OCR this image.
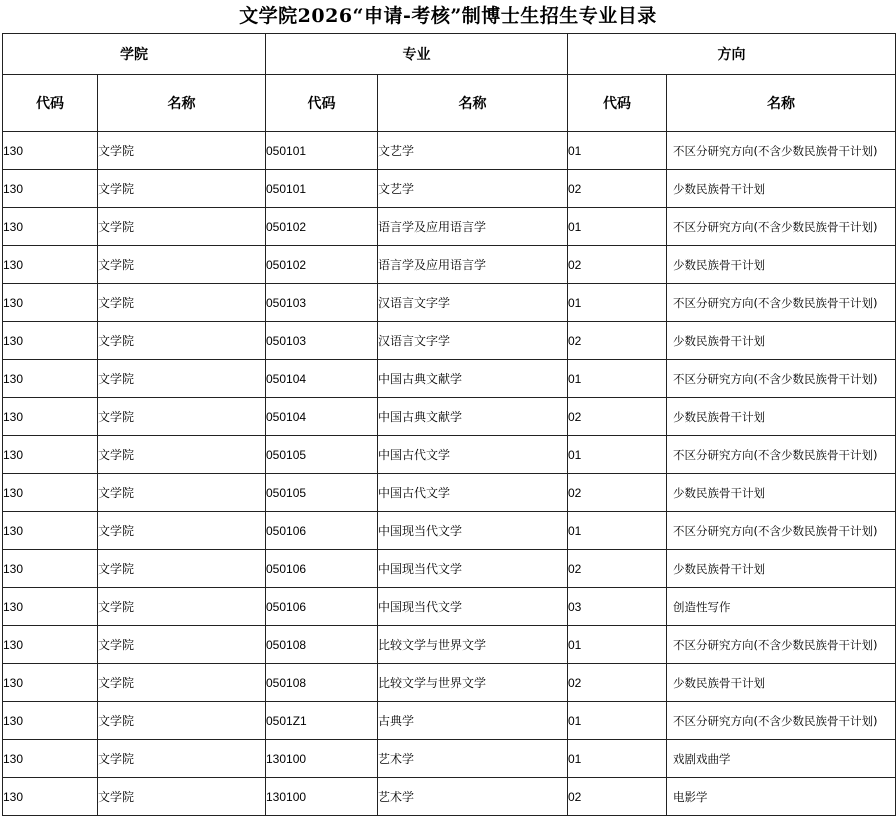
文学院2026“申请-考核”制博士生招生专业目录
学院		专业		方向	
代码	名称	代码	名称	代码	名称
130	文学院	050101	文艺学	01	不区分研究方向(不含少数民族骨干计划)
130	文学院	050101	文艺学	02	少数民族骨干计划
130	文学院	050102	语言学及应用语言学	01	不区分研究方向(不含少数民族骨干计划)
130	文学院	050102	语言学及应用语言学	02	少数民族骨干计划
130	文学院	050103	汉语言文字学	01	不区分研究方向(不含少数民族骨干计划)
130	文学院	050103	汉语言文字学	02	少数民族骨干计划
130	文学院	050104	中国古典文献学	01	不区分研究方向(不含少数民族骨干计划)
130	文学院	050104	中国古典文献学	02	少数民族骨干计划
130	文学院	050105	中国古代文学	01	不区分研究方向(不含少数民族骨干计划)
130	文学院	050105	中国古代文学	02	少数民族骨干计划
130	文学院	050106	中国现当代文学	01	不区分研究方向(不含少数民族骨干计划)
130	文学院	050106	中国现当代文学	02	少数民族骨干计划
130	文学院	050106	中国现当代文学	03	创造性写作
130	文学院	050108	比较文学与世界文学	01	不区分研究方向(不含少数民族骨干计划)
130	文学院	050108	比较文学与世界文学	02	少数民族骨干计划
130	文学院	0501Z1	古典学	01	不区分研究方向(不含少数民族骨干计划)
130	文学院	130100	艺术学	01	戏剧戏曲学
130	文学院	130100	艺术学	02	电影学
